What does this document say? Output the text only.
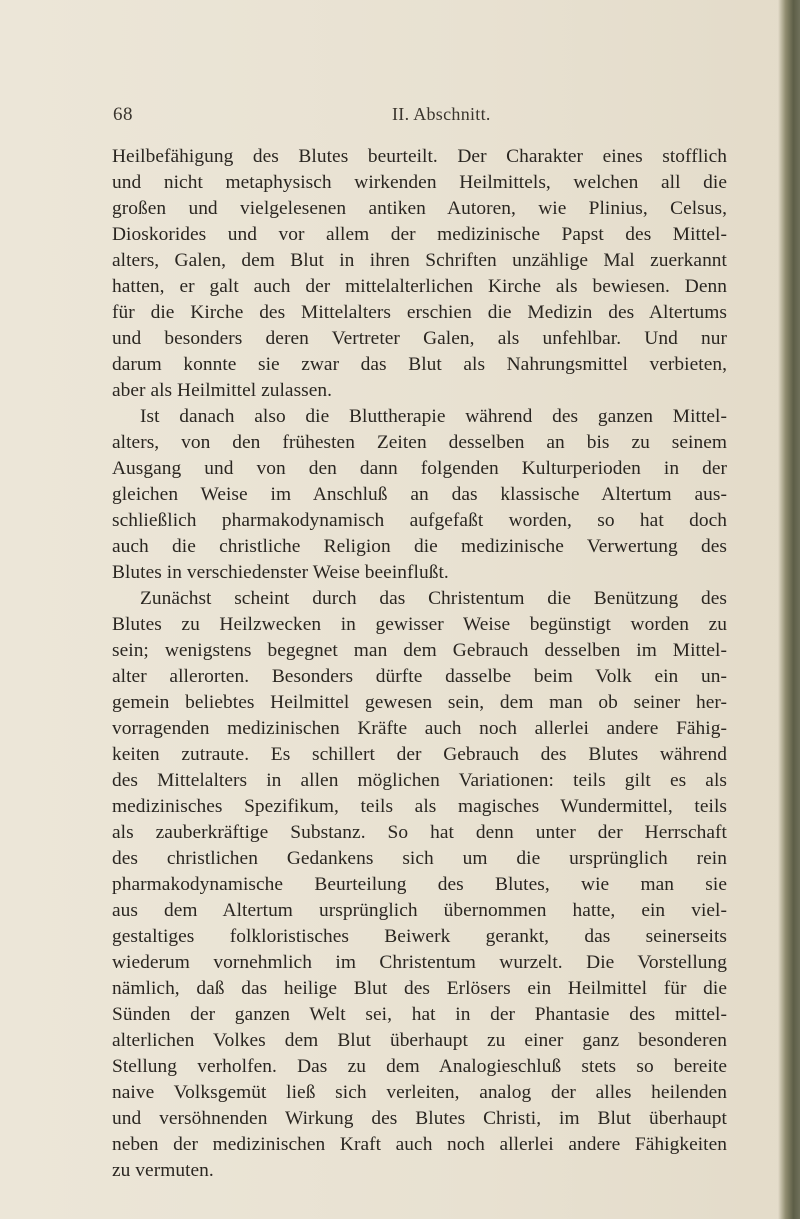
68	II. Abschnitt.
Heilbefähigung des Blutes beurteilt. Der Charakter eines stofflich
und nicht metaphysisch wirkenden Heilmittels, welchen all die
großen und vielgelesenen antiken Autoren, wie Plinius, Celsus,
Dioskorides und vor allem der medizinische Papst des Mittel-
alters, Galen, dem Blut in ihren Schriften unzählige Mal zuerkannt
hatten, er galt auch der mittelalterlichen Kirche als bewiesen. Denn
für die Kirche des Mittelalters erschien die Medizin des Altertums
und besonders deren Vertreter Galen, als unfehlbar. Und nur
darum konnte sie zwar das Blut als Nahrungsmittel verbieten,
aber als Heilmittel zulassen.
Ist danach also die Bluttherapie während des ganzen Mittel-
alters, von den frühesten Zeiten desselben an bis zu seinem
Ausgang und von den dann folgenden Kulturperioden in der
gleichen Weise im Anschluß an das klassische Altertum aus-
schließlich pharmakodynamisch aufgefaßt worden, so hat doch
auch die christliche Religion die medizinische Verwertung des
Blutes in verschiedenster Weise beeinflußt.
Zunächst scheint durch das Christentum die Benützung des
Blutes zu Heilzwecken in gewisser Weise begünstigt worden zu
sein; wenigstens begegnet man dem Gebrauch desselben im Mittel-
alter allerorten. Besonders dürfte dasselbe beim Volk ein un-
gemein beliebtes Heilmittel gewesen sein, dem man ob seiner her-
vorragenden medizinischen Kräfte auch noch allerlei andere Fähig-
keiten zutraute. Es schillert der Gebrauch des Blutes während
des Mittelalters in allen möglichen Variationen: teils gilt es als
medizinisches Spezifikum, teils als magisches Wundermittel, teils
als zauberkräftige Substanz. So hat denn unter der Herrschaft
des christlichen Gedankens sich um die ursprünglich rein
pharmakodynamische Beurteilung des Blutes, wie man sie
aus dem Altertum ursprünglich übernommen hatte, ein viel-
gestaltiges folkloristisches Beiwerk gerankt, das seinerseits
wiederum vornehmlich im Christentum wurzelt. Die Vorstellung
nämlich, daß das heilige Blut des Erlösers ein Heilmittel für die
Sünden der ganzen Welt sei, hat in der Phantasie des mittel-
alterlichen Volkes dem Blut überhaupt zu einer ganz besonderen
Stellung verholfen. Das zu dem Analogieschluß stets so bereite
naive Volksgemüt ließ sich verleiten, analog der alles heilenden
und versöhnenden Wirkung des Blutes Christi, im Blut überhaupt
neben der medizinischen Kraft auch noch allerlei andere Fähigkeiten
zu vermuten.
